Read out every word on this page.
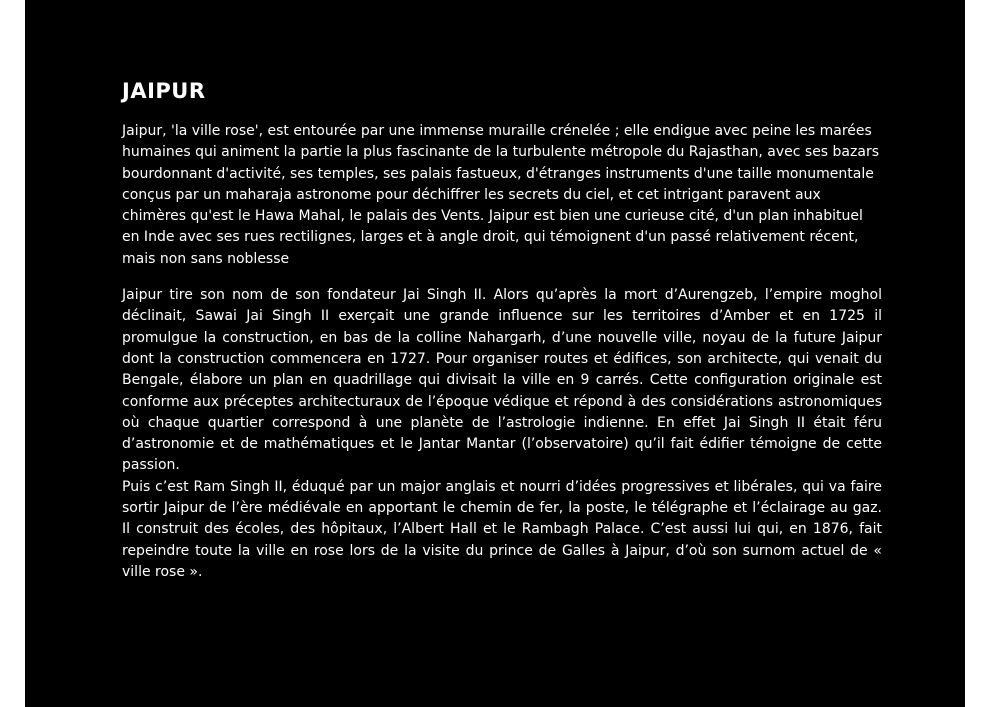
JAIPUR

Jaipur, 'la ville rose', est entourée par une immense muraille crénelée ; elle endigue avec peine les marées humaines qui animent la partie la plus fascinante de la turbulente métropole du Rajasthan, avec ses bazars bourdonnant d'activité, ses temples, ses palais fastueux, d'étranges instruments d'une taille monumentale conçus par un maharaja astronome pour déchiffrer les secrets du ciel, et cet intrigant paravent aux chimères qu'est le Hawa Mahal, le palais des Vents. Jaipur est bien une curieuse cité, d'un plan inhabituel en Inde avec ses rues rectilignes, larges et à angle droit, qui témoignent d'un passé relativement récent, mais non sans noblesse

Jaipur tire son nom de son fondateur Jai Singh II. Alors qu’après la mort d’Aurengzeb, l’empire moghol déclinait, Sawai Jai Singh II exerçait une grande influence sur les territoires d’Amber et en 1725 il promulgue la construction, en bas de la colline Nahargarh, d’une nouvelle ville, noyau de la future Jaipur dont la construction commencera en 1727. Pour organiser routes et édifices, son architecte, qui venait du Bengale, élabore un plan en quadrillage qui divisait la ville en 9 carrés. Cette configuration originale est conforme aux préceptes architecturaux de l’époque védique et répond à des considérations astronomiques où chaque quartier correspond à une planète de l’astrologie indienne. En effet Jai Singh II était féru d’astronomie et de mathématiques et le Jantar Mantar (l’observatoire) qu’il fait édifier témoigne de cette passion.

Puis c’est Ram Singh II, éduqué par un major anglais et nourri d’idées progressives et libérales, qui va faire sortir Jaipur de l’ère médiévale en apportant le chemin de fer, la poste, le télégraphe et l’éclairage au gaz. Il construit des écoles, des hôpitaux, l’Albert Hall et le Rambagh Palace. C’est aussi lui qui, en 1876, fait repeindre toute la ville en rose lors de la visite du prince de Galles à Jaipur, d’où son surnom actuel de « ville rose ».
